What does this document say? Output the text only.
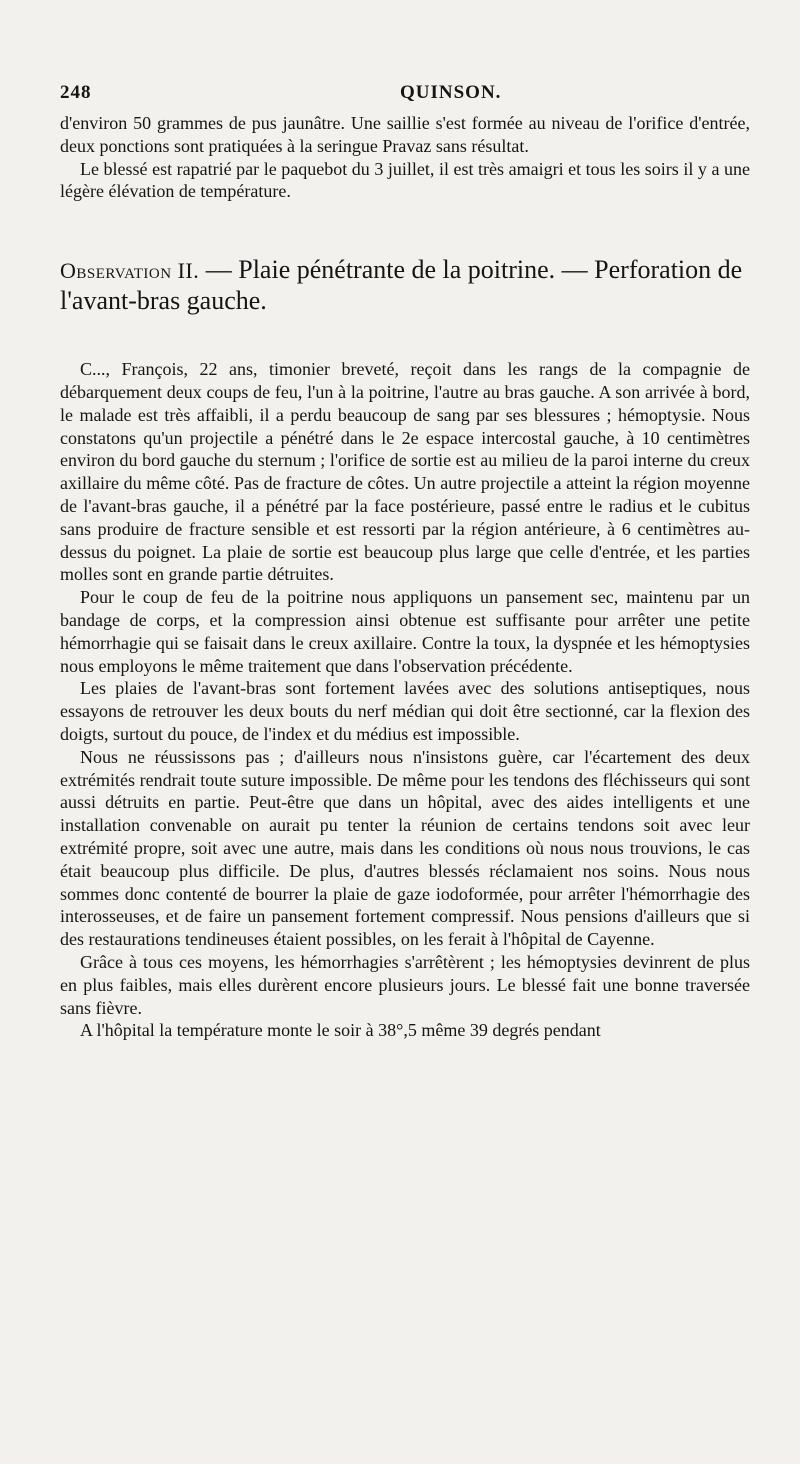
248	QUINSON.

d'environ 50 grammes de pus jaunâtre. Une saillie s'est formée au niveau de l'orifice d'entrée, deux ponctions sont pratiquées à la seringue Pravaz sans résultat.

Le blessé est rapatrié par le paquebot du 3 juillet, il est très amaigri et tous les soirs il y a une légère élévation de température.

Observation II. — Plaie pénétrante de la poitrine. — Perforation de l'avant-bras gauche.

C..., François, 22 ans, timonier breveté, reçoit dans les rangs de la compagnie de débarquement deux coups de feu, l'un à la poitrine, l'autre au bras gauche. A son arrivée à bord, le malade est très affaibli, il a perdu beaucoup de sang par ses blessures ; hémoptysie. Nous constatons qu'un projectile a pénétré dans le 2e espace intercostal gauche, à 10 centimètres environ du bord gauche du sternum ; l'orifice de sortie est au milieu de la paroi interne du creux axillaire du même côté. Pas de fracture de côtes. Un autre projectile a atteint la région moyenne de l'avant-bras gauche, il a pénétré par la face postérieure, passé entre le radius et le cubitus sans produire de fracture sensible et est ressorti par la région antérieure, à 6 centimètres au-dessus du poignet. La plaie de sortie est beaucoup plus large que celle d'entrée, et les parties molles sont en grande partie détruites.

Pour le coup de feu de la poitrine nous appliquons un pansement sec, maintenu par un bandage de corps, et la compression ainsi obtenue est suffisante pour arrêter une petite hémorrhagie qui se faisait dans le creux axillaire. Contre la toux, la dyspnée et les hémoptysies nous employons le même traitement que dans l'observation précédente.

Les plaies de l'avant-bras sont fortement lavées avec des solutions antiseptiques, nous essayons de retrouver les deux bouts du nerf médian qui doit être sectionné, car la flexion des doigts, surtout du pouce, de l'index et du médius est impossible.

Nous ne réussissons pas ; d'ailleurs nous n'insistons guère, car l'écartement des deux extrémités rendrait toute suture impossible. De même pour les tendons des fléchisseurs qui sont aussi détruits en partie. Peut-être que dans un hôpital, avec des aides intelligents et une installation convenable on aurait pu tenter la réunion de certains tendons soit avec leur extrémité propre, soit avec une autre, mais dans les conditions où nous nous trouvions, le cas était beaucoup plus difficile. De plus, d'autres blessés réclamaient nos soins. Nous nous sommes donc contenté de bourrer la plaie de gaze iodoformée, pour arrêter l'hémorrhagie des interosseuses, et de faire un pansement fortement compressif. Nous pensions d'ailleurs que si des restaurations tendineuses étaient possibles, on les ferait à l'hôpital de Cayenne.

Grâce à tous ces moyens, les hémorrhagies s'arrêtèrent ; les hémoptysies devinrent de plus en plus faibles, mais elles durèrent encore plusieurs jours. Le blessé fait une bonne traversée sans fièvre.

A l'hôpital la température monte le soir à 38°,5 même 39 degrés pendant
